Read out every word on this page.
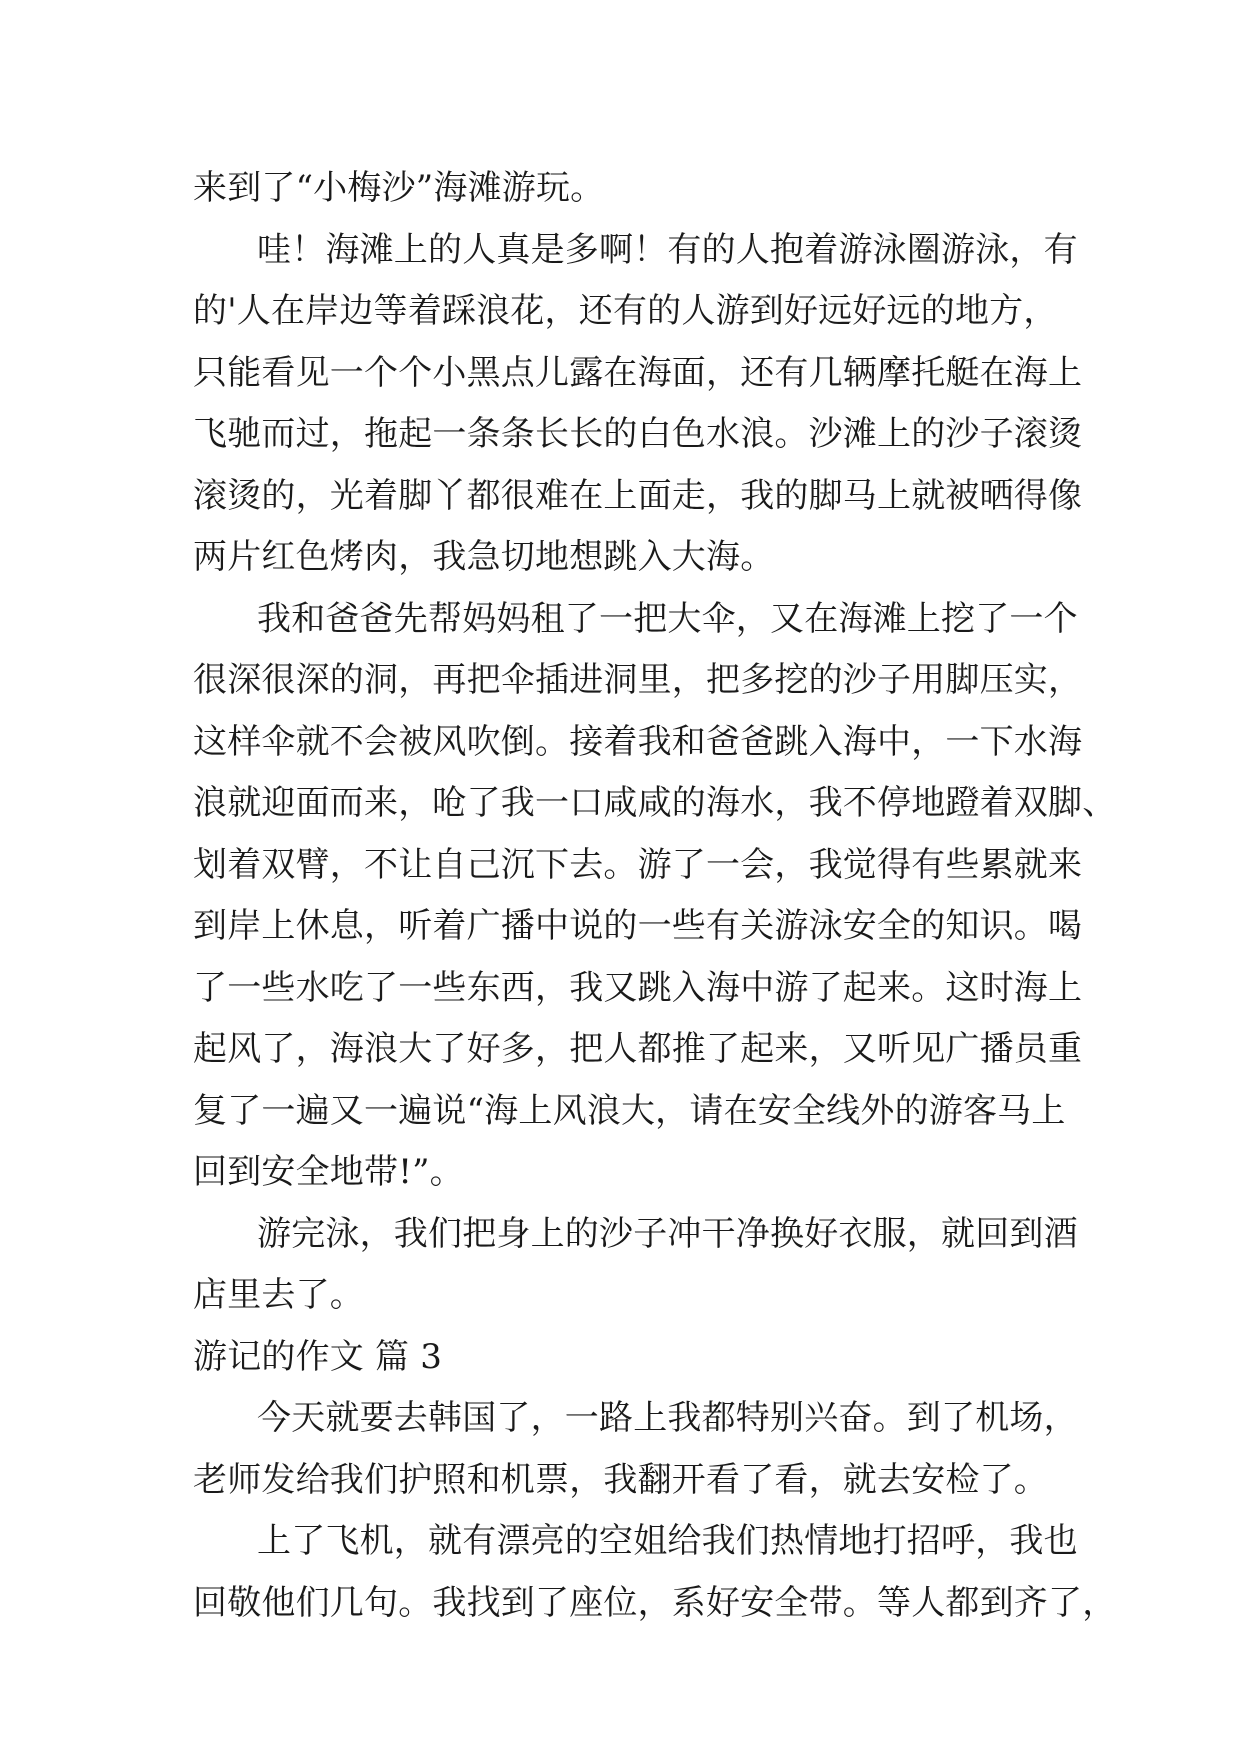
来到了“小梅沙”海滩游玩。
哇！海滩上的人真是多啊！有的人抱着游泳圈游泳，有
的'人在岸边等着踩浪花，还有的人游到好远好远的地方，
只能看见一个个小黑点儿露在海面，还有几辆摩托艇在海上
飞驰而过，拖起一条条长长的白色水浪。沙滩上的沙子滚烫
滚烫的，光着脚丫都很难在上面走，我的脚马上就被晒得像
两片红色烤肉，我急切地想跳入大海。
我和爸爸先帮妈妈租了一把大伞，又在海滩上挖了一个
很深很深的洞，再把伞插进洞里，把多挖的沙子用脚压实，
这样伞就不会被风吹倒。接着我和爸爸跳入海中，一下水海
浪就迎面而来，呛了我一口咸咸的海水，我不停地蹬着双脚、
划着双臂，不让自己沉下去。游了一会，我觉得有些累就来
到岸上休息，听着广播中说的一些有关游泳安全的知识。喝
了一些水吃了一些东西，我又跳入海中游了起来。这时海上
起风了，海浪大了好多，把人都推了起来，又听见广播员重
复了一遍又一遍说“海上风浪大，请在安全线外的游客马上
回到安全地带!”。
游完泳，我们把身上的沙子冲干净换好衣服，就回到酒
店里去了。
游记的作文 篇 3
今天就要去韩国了，一路上我都特别兴奋。到了机场，
老师发给我们护照和机票，我翻开看了看，就去安检了。
上了飞机，就有漂亮的空姐给我们热情地打招呼，我也
回敬他们几句。我找到了座位，系好安全带。等人都到齐了，
